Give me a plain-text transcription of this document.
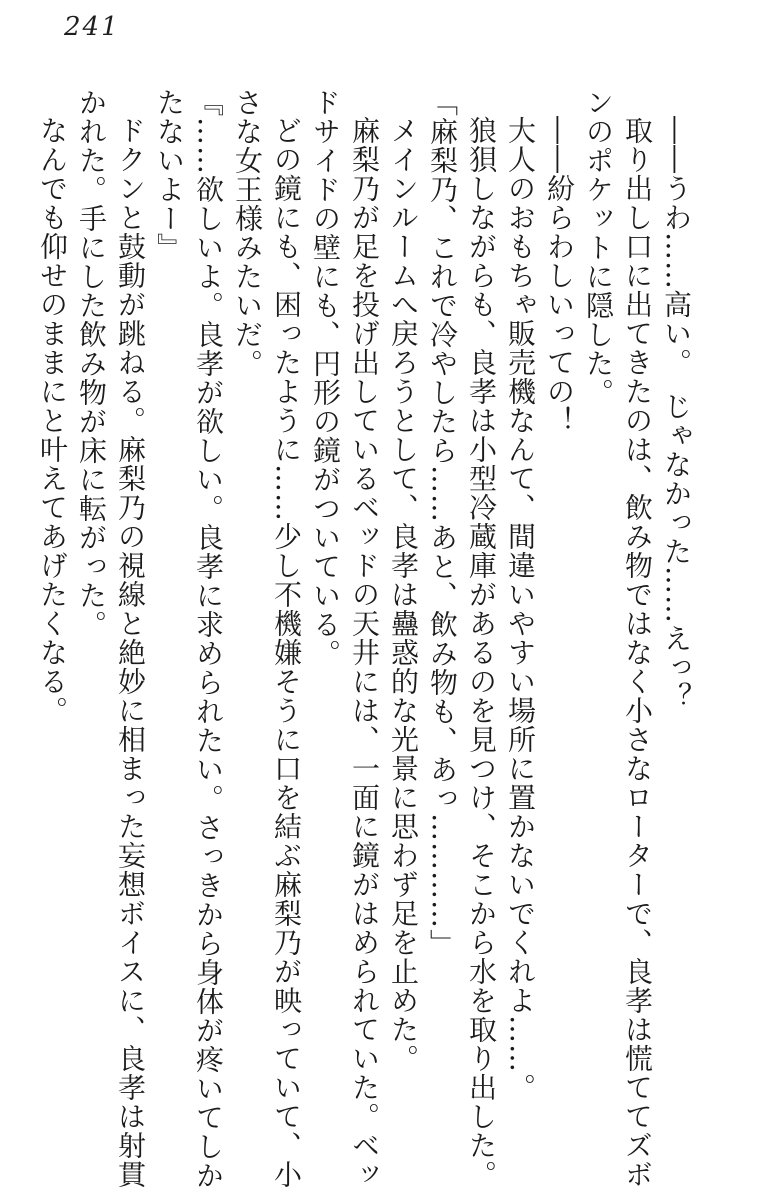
241

――うわ……高い。　じゃなかった……えっ？

取り出し口に出てきたのは、飲み物ではなく小さなローターで、良孝は慌ててズボンのポケットに隠した。

――紛らわしいっての！

大人のおもちゃ販売機なんて、間違いやすい場所に置かないでくれよ……。

狼狽しながらも、良孝は小型冷蔵庫があるのを見つけ、そこから水を取り出した。

「麻梨乃、これで冷やしたら……あと、飲み物も、あっ…………」

メインルームへ戻ろうとして、良孝は蠱惑的な光景に思わず足を止めた。

麻梨乃が足を投げ出しているベッドの天井には、一面に鏡がはめられていた。ベッドサイドの壁にも、円形の鏡がついている。

どの鏡にも、困ったように……少し不機嫌そうに口を結ぶ麻梨乃が映っていて、小さな女王様みたいだ。

『……欲しいよ。良孝が欲しい。良孝に求められたい。さっきから身体が疼いてしかたないよー』

ドクンと鼓動が跳ねる。麻梨乃の視線と絶妙に相まった妄想ボイスに、良孝は射貫かれた。手にした飲み物が床に転がった。

なんでも仰せのままにと叶えてあげたくなる。
